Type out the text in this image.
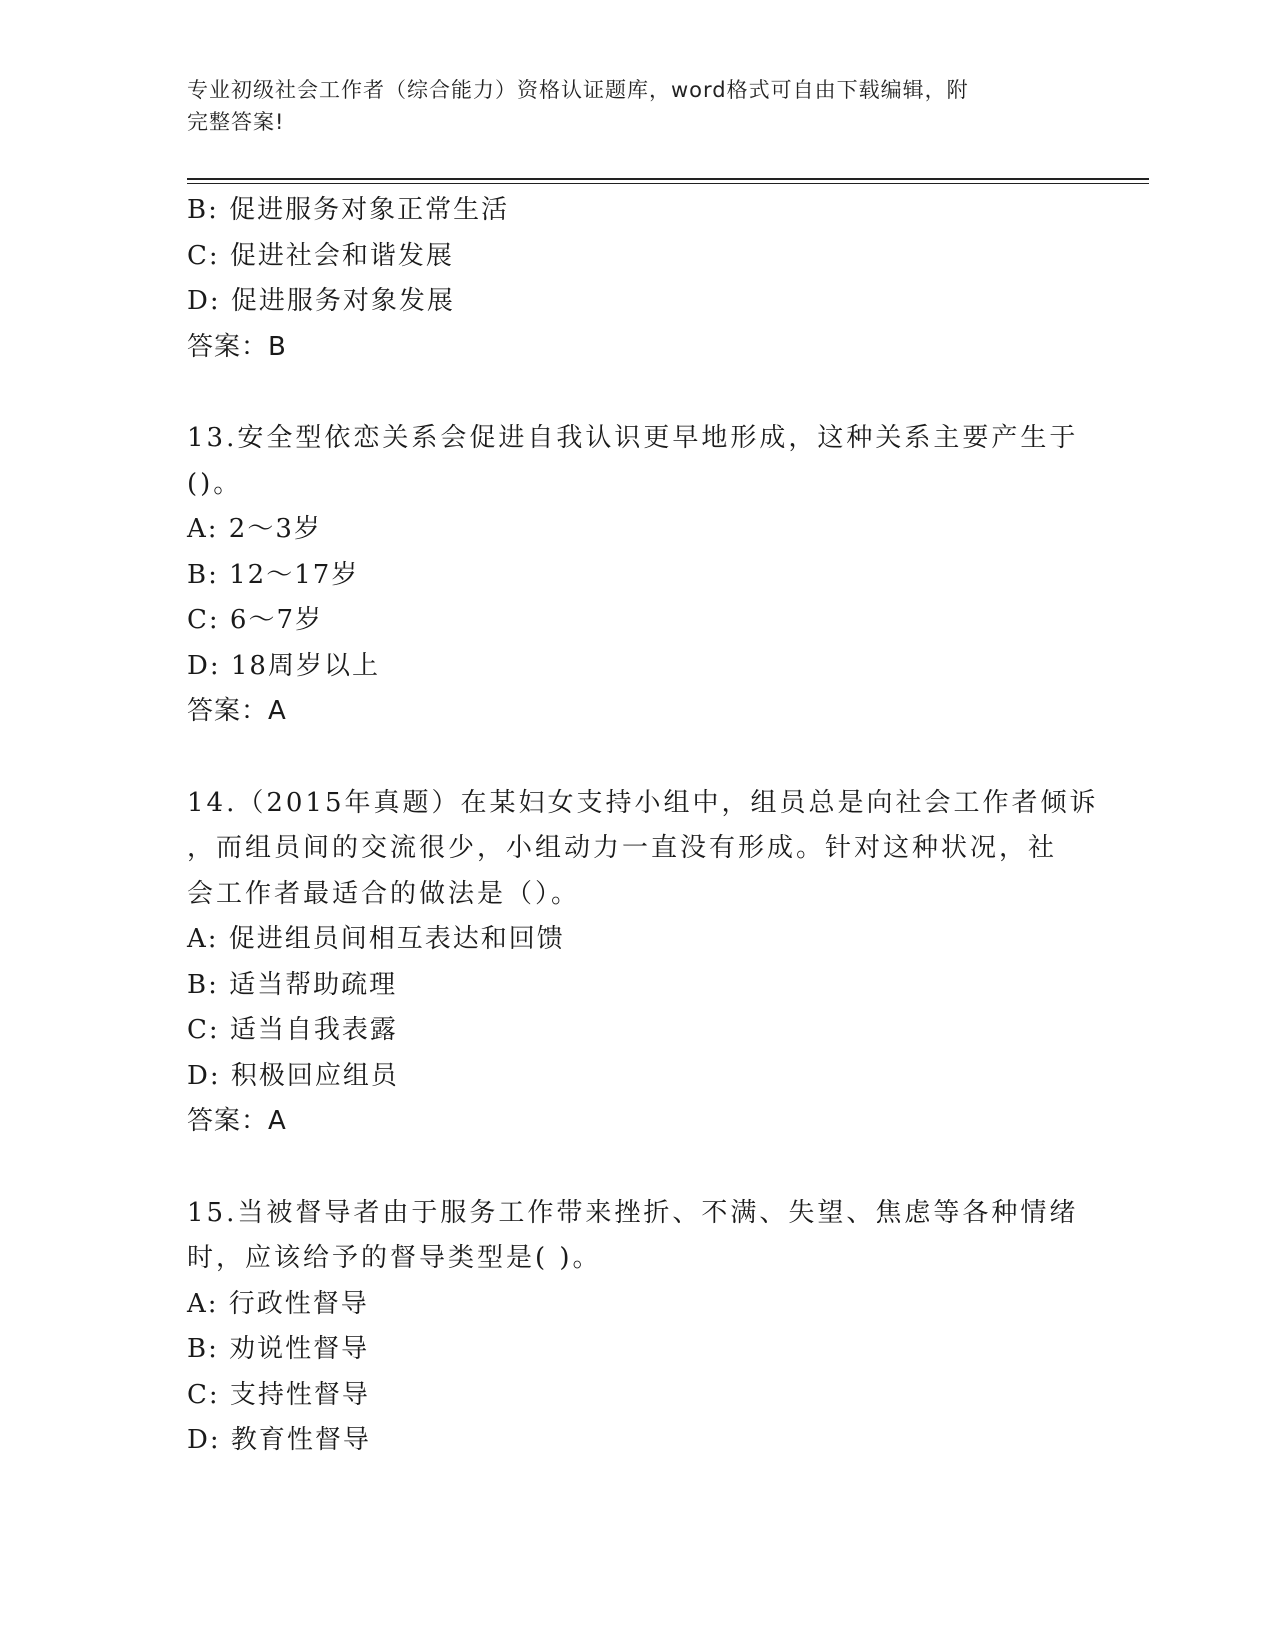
专业初级社会工作者（综合能力）资格认证题库，word格式可自由下载编辑，附
完整答案!
B: 促进服务对象正常生活
C: 促进社会和谐发展
D: 促进服务对象发展
答案：B
13.安全型依恋关系会促进自我认识更早地形成，这种关系主要产生于
()。
A: 2～3岁
B: 12～17岁
C: 6～7岁
D: 18周岁以上
答案：A
14.（2015年真题）在某妇女支持小组中，组员总是向社会工作者倾诉
，而组员间的交流很少，小组动力一直没有形成。针对这种状况，社
会工作者最适合的做法是（）。
A: 促进组员间相互表达和回馈
B: 适当帮助疏理
C: 适当自我表露
D: 积极回应组员
答案：A
15.当被督导者由于服务工作带来挫折、不满、失望、焦虑等各种情绪
时，应该给予的督导类型是( )。
A: 行政性督导
B: 劝说性督导
C: 支持性督导
D: 教育性督导
